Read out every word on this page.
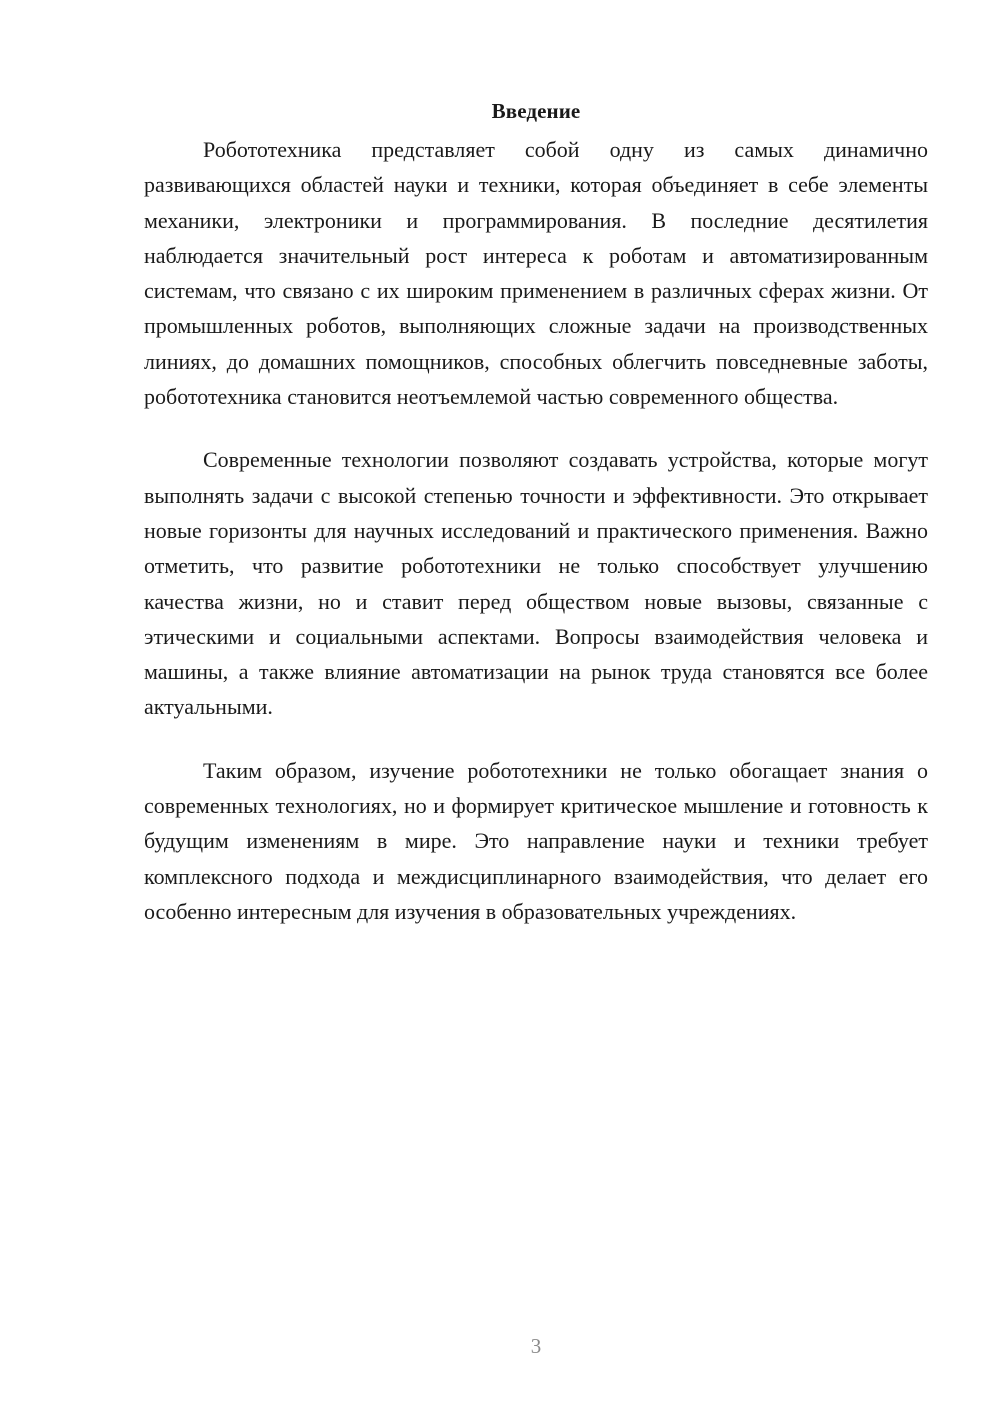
Введение

Робототехника представляет собой одну из самых динамично развивающихся областей науки и техники, которая объединяет в себе элементы механики, электроники и программирования. В последние десятилетия наблюдается значительный рост интереса к роботам и автоматизированным системам, что связано с их широким применением в различных сферах жизни. От промышленных роботов, выполняющих сложные задачи на производственных линиях, до домашних помощников, способных облегчить повседневные заботы, робототехника становится неотъемлемой частью современного общества.

Современные технологии позволяют создавать устройства, которые могут выполнять задачи с высокой степенью точности и эффективности. Это открывает новые горизонты для научных исследований и практического применения. Важно отметить, что развитие робототехники не только способствует улучшению качества жизни, но и ставит перед обществом новые вызовы, связанные с этическими и социальными аспектами. Вопросы взаимодействия человека и машины, а также влияние автоматизации на рынок труда становятся все более актуальными.

Таким образом, изучение робототехники не только обогащает знания о современных технологиях, но и формирует критическое мышление и готовность к будущим изменениям в мире. Это направление науки и техники требует комплексного подхода и междисциплинарного взаимодействия, что делает его особенно интересным для изучения в образовательных учреждениях.

3
